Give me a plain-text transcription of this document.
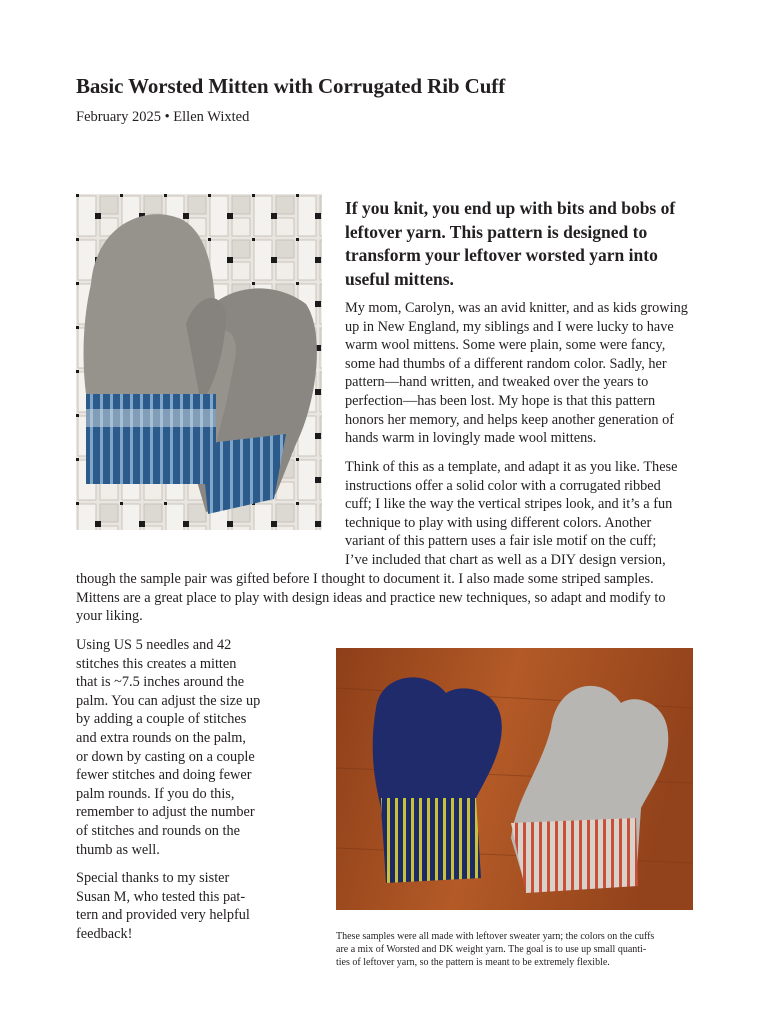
Basic Worsted Mitten with Corrugated Rib Cuff
February 2025 • Ellen Wixted
If you knit, you end up with bits and bobs of leftover yarn. This pattern is designed to transform your leftover worsted yarn into useful mittens.

My mom, Carolyn, was an avid knitter, and as kids growing up in New England, my siblings and I were lucky to have warm wool mittens. Some were plain, some were fancy, some had thumbs of a different random color. Sadly, her pattern—hand written, and tweaked over the years to perfection—has been lost. My hope is that this pattern honors her memory, and helps keep another generation of hands warm in lovingly made wool mittens.

Think of this as a template, and adapt it as you like. These
instructions offer a solid color with a corrugated ribbed
cuff; I like the way the vertical stripes look, and it’s a fun
technique to play with using different colors. Another
variant of this pattern uses a fair isle motif on the cuff;
I’ve included that chart as well as a DIY design version,
though the sample pair was gifted before I thought to document it. I also made some striped samples.
Mittens are a great place to play with design ideas and practice new techniques, so adapt and modify to
your liking.
Using US 5 needles and 42
stitches this creates a mitten
that is ~7.5 inches around the
palm. You can adjust the size up
by adding a couple of stitches
and extra rounds on the palm,
or down by casting on a couple
fewer stitches and doing fewer
palm rounds. If you do this,
remember to adjust the number
of stitches and rounds on the
thumb as well.
Special thanks to my sister
Susan M, who tested this pat-
tern and provided very helpful
feedback!	These samples were all made with leftover sweater yarn; the colors on the cuffs
are a mix of Worsted and DK weight yarn. The goal is to use up small quanti-
ties of leftover yarn, so the pattern is meant to be extremely flexible.
